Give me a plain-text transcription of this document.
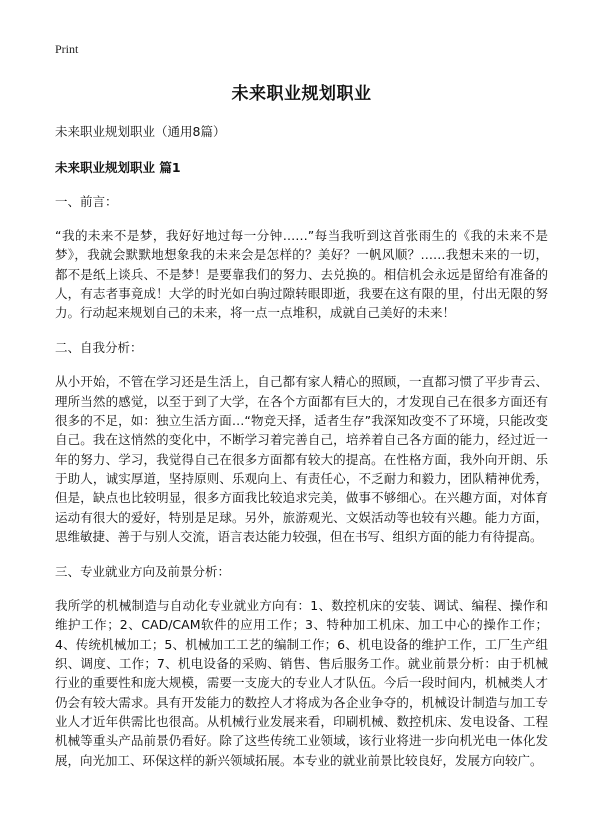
Print
未来职业规划职业

未来职业规划职业（通用8篇）

未来职业规划职业 篇1

一、前言：

“我的未来不是梦，我好好地过每一分钟……”每当我听到这首张雨生的《我的未来不是梦》，我就会默默地想象我的未来会是怎样的？美好？一帆风顺？……我想未来的一切，都不是纸上谈兵、不是梦！是要靠我们的努力、去兑换的。相信机会永远是留给有准备的人，有志者事竟成！大学的时光如白驹过隙转眼即逝，我要在这有限的里，付出无限的努力。行动起来规划自己的未来，将一点一点堆积，成就自己美好的未来！

二、自我分析：

从小开始，不管在学习还是生活上，自己都有家人精心的照顾，一直都习惯了平步青云、理所当然的感觉，以至于到了大学，在各个方面都有巨大的，才发现自己在很多方面还有很多的不足，如：独立生活方面…“物竞天择，适者生存”我深知改变不了环境，只能改变自己。我在这悄然的变化中，不断学习着完善自己，培养着自己各方面的能力，经过近一年的努力、学习，我觉得自己在很多方面都有较大的提高。在性格方面，我外向开朗、乐于助人，诚实厚道，坚持原则、乐观向上、有责任心，不乏耐力和毅力，团队精神优秀，但是，缺点也比较明显，很多方面我比较追求完美，做事不够细心。在兴趣方面，对体育运动有很大的爱好，特别是足球。另外，旅游观光、文娱活动等也较有兴趣。能力方面，思维敏捷、善于与别人交流，语言表达能力较强，但在书写、组织方面的能力有待提高。

三、专业就业方向及前景分析：

我所学的机械制造与自动化专业就业方向有：1、数控机床的安装、调试、编程、操作和维护工作；2、CAD/CAM软件的应用工作；3、特种加工机床、加工中心的操作工作；4、传统机械加工；5、机械加工工艺的编制工作；6、机电设备的维护工作，工厂生产组织、调度、工作；7、机电设备的采购、销售、售后服务工作。就业前景分析：由于机械行业的重要性和庞大规模，需要一支庞大的专业人才队伍。今后一段时间内，机械类人才仍会有较大需求。具有开发能力的数控人才将成为各企业争夺的，机械设计制造与加工专业人才近年供需比也很高。从机械行业发展来看，印刷机械、数控机床、发电设备、工程机械等重头产品前景仍看好。除了这些传统工业领域，该行业将进一步向机光电一体化发展，向光加工、环保这样的新兴领域拓展。本专业的就业前景比较良好，发展方向较广。
